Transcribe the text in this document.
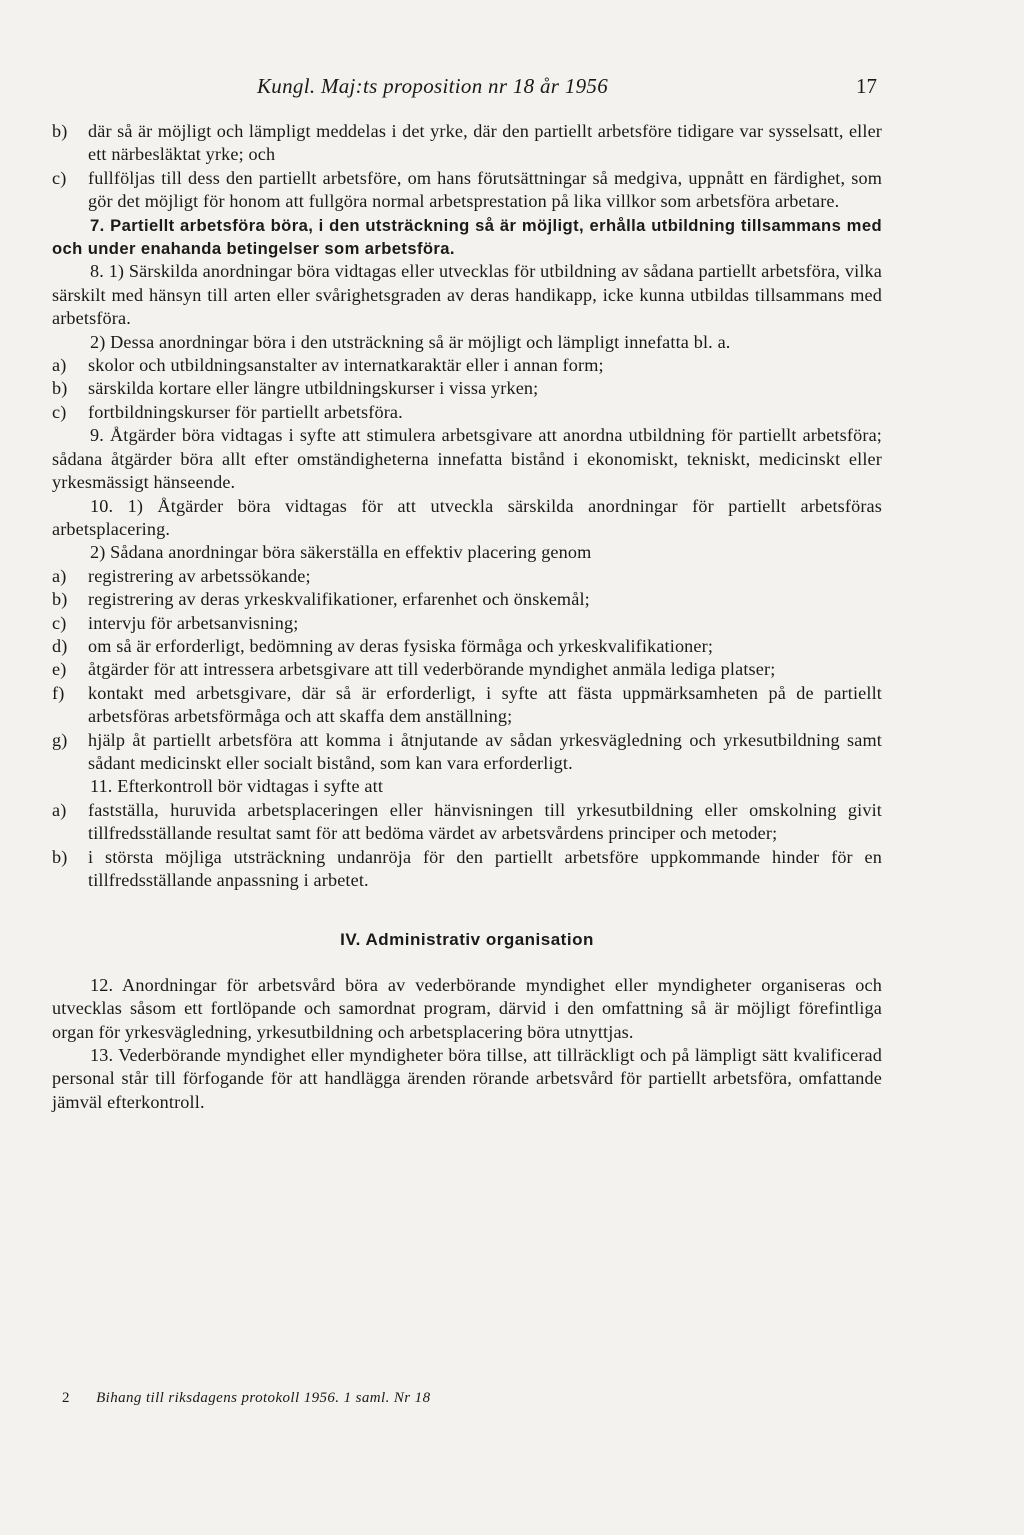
Kungl. Maj:ts proposition nr 18 år 1956	17
b)	där så är möjligt och lämpligt meddelas i det yrke, där den partiellt arbetsföre tidigare var sysselsatt, eller ett närbesläktat yrke; och
c)	fullföljas till dess den partiellt arbetsföre, om hans förutsättningar så medgiva, uppnått en färdighet, som gör det möjligt för honom att fullgöra normal arbetsprestation på lika villkor som arbetsföra arbetare.

7. Partiellt arbetsföra böra, i den utsträckning så är möjligt, erhålla utbildning tillsammans med och under enahanda betingelser som arbetsföra.

8. 1) Särskilda anordningar böra vidtagas eller utvecklas för utbildning av sådana partiellt arbetsföra, vilka särskilt med hänsyn till arten eller svårighetsgraden av deras handikapp, icke kunna utbildas tillsammans med arbetsföra.

2) Dessa anordningar böra i den utsträckning så är möjligt och lämpligt innefatta bl. a.

a)	skolor och utbildningsanstalter av internatkaraktär eller i annan form;
b)	särskilda kortare eller längre utbildningskurser i vissa yrken;
c)	fortbildningskurser för partiellt arbetsföra.

9. Åtgärder böra vidtagas i syfte att stimulera arbetsgivare att anordna utbildning för partiellt arbetsföra; sådana åtgärder böra allt efter omständigheterna innefatta bistånd i ekonomiskt, tekniskt, medicinskt eller yrkesmässigt hänseende.

10. 1) Åtgärder böra vidtagas för att utveckla särskilda anordningar för partiellt arbetsföras arbetsplacering.

2) Sådana anordningar böra säkerställa en effektiv placering genom

a)	registrering av arbetssökande;
b)	registrering av deras yrkeskvalifikationer, erfarenhet och önskemål;
c)	intervju för arbetsanvisning;
d)	om så är erforderligt, bedömning av deras fysiska förmåga och yrkeskvalifikationer;
e)	åtgärder för att intressera arbetsgivare att till vederbörande myndighet anmäla lediga platser;
f)	kontakt med arbetsgivare, där så är erforderligt, i syfte att fästa uppmärksamheten på de partiellt arbetsföras arbetsförmåga och att skaffa dem anställning;
g)	hjälp åt partiellt arbetsföra att komma i åtnjutande av sådan yrkesvägledning och yrkesutbildning samt sådant medicinskt eller socialt bistånd, som kan vara erforderligt.

11. Efterkontroll bör vidtagas i syfte att

a)	fastställa, huruvida arbetsplaceringen eller hänvisningen till yrkesutbildning eller omskolning givit tillfredsställande resultat samt för att bedöma värdet av arbetsvårdens principer och metoder;
b)	i största möjliga utsträckning undanröja för den partiellt arbetsföre uppkommande hinder för en tillfredsställande anpassning i arbetet.
IV. Administrativ organisation

12. Anordningar för arbetsvård böra av vederbörande myndighet eller myndigheter organiseras och utvecklas såsom ett fortlöpande och samordnat program, därvid i den omfattning så är möjligt förefintliga organ för yrkesvägledning, yrkesutbildning och arbetsplacering böra utnyttjas.

13. Vederbörande myndighet eller myndigheter böra tillse, att tillräckligt och på lämpligt sätt kvalificerad personal står till förfogande för att handlägga ärenden rörande arbetsvård för partiellt arbetsföra, omfattande jämväl efterkontroll.

2 Bihang till riksdagens protokoll 1956. 1 saml. Nr 18
